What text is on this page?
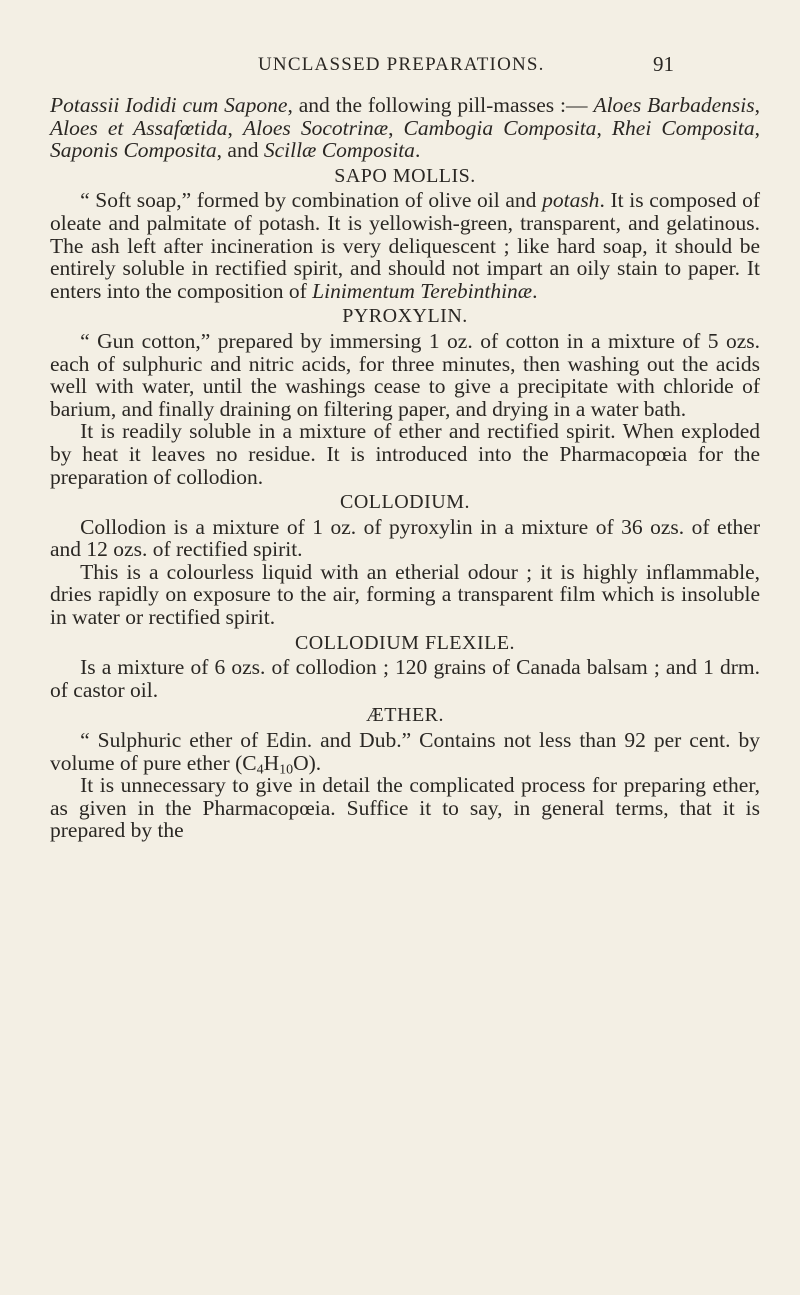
UNCLASSED PREPARATIONS.	91

Potassii Iodidi cum Sapone, and the following pill-masses :— Aloes Barbadensis, Aloes et Assafœtida, Aloes Socotrinæ, Cambogia Composita, Rhei Composita, Saponis Composita, and Scillæ Composita.

SAPO MOLLIS.

“ Soft soap,” formed by combination of olive oil and potash. It is composed of oleate and palmitate of potash. It is yellowish-green, transparent, and gelatinous. The ash left after incineration is very deliquescent ; like hard soap, it should be entirely soluble in rectified spirit, and should not impart an oily stain to paper. It enters into the composition of Linimentum Terebinthinæ.

PYROXYLIN.

“ Gun cotton,” prepared by immersing 1 oz. of cotton in a mixture of 5 ozs. each of sulphuric and nitric acids, for three minutes, then washing out the acids well with water, until the washings cease to give a precipitate with chloride of barium, and finally draining on filtering paper, and drying in a water bath.

It is readily soluble in a mixture of ether and rectified spirit. When exploded by heat it leaves no residue. It is introduced into the Pharmacopœia for the preparation of collodion.

COLLODIUM.

Collodion is a mixture of 1 oz. of pyroxylin in a mixture of 36 ozs. of ether and 12 ozs. of rectified spirit.

This is a colourless liquid with an etherial odour ; it is highly inflammable, dries rapidly on exposure to the air, forming a transparent film which is insoluble in water or rectified spirit.

COLLODIUM FLEXILE.

Is a mixture of 6 ozs. of collodion ; 120 grains of Canada balsam ; and 1 drm. of castor oil.

ÆTHER.

“ Sulphuric ether of Edin. and Dub.” Contains not less than 92 per cent. by volume of pure ether $(C_4H_{10}O)$.

It is unnecessary to give in detail the complicated process for preparing ether, as given in the Pharmacopœia. Suffice it to say, in general terms, that it is prepared by the
